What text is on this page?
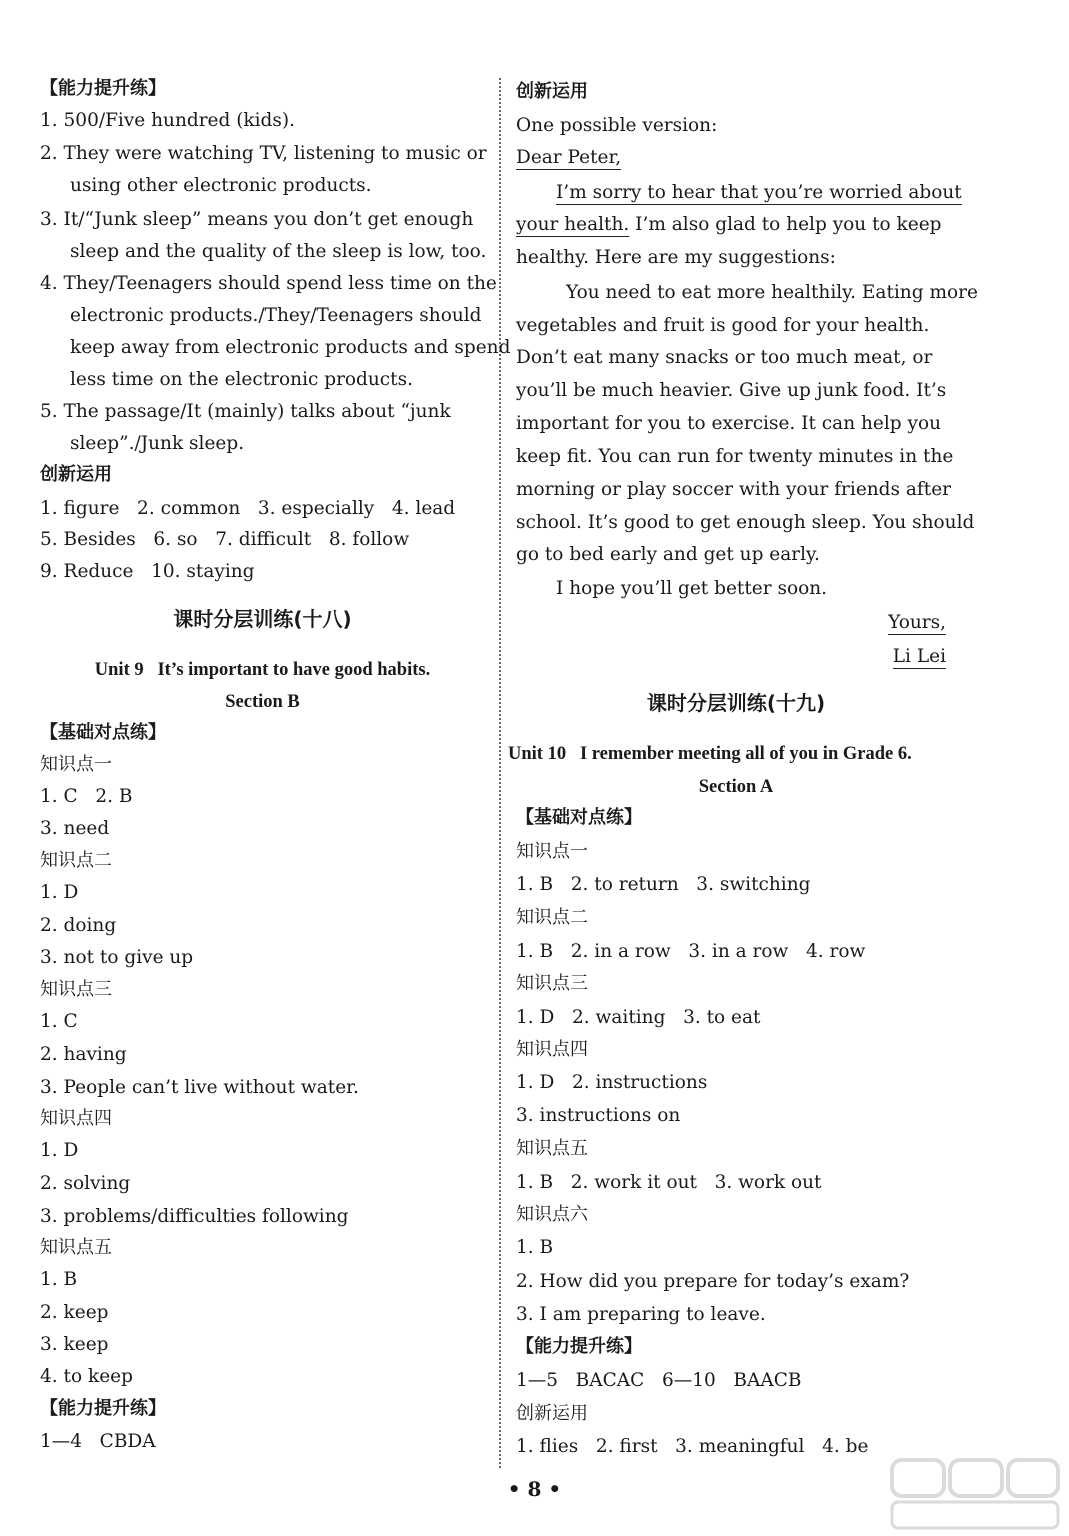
【能力提升练】
1. 500/Five hundred (kids).
2. They were watching TV, listening to music or
using other electronic products.
3. It/“Junk sleep” means you don’t get enough
sleep and the quality of the sleep is low, too.
4. They/Teenagers should spend less time on the
electronic products./They/Teenagers should
keep away from electronic products and spend
less time on the electronic products.
5. The passage/It (mainly) talks about “junk
sleep”./Junk sleep.
创新运用
1. figure   2. common   3. especially   4. lead
5. Besides   6. so   7. difficult   8. follow
9. Reduce   10. staying
课时分层训练(十八)
Unit 9   It’s important to have good habits.
Section B
【基础对点练】
知识点一
1. C   2. B
3. need
知识点二
1. D
2. doing
3. not to give up
知识点三
1. C
2. having
3. People can’t live without water.
知识点四
1. D
2. solving
3. problems/difficulties following
知识点五
1. B
2. keep
3. keep
4. to keep
【能力提升练】
1—4   CBDA
创新运用
One possible version:
Dear Peter,
I’m sorry to hear that you’re worried about
your health. I’m also glad to help you to keep
healthy. Here are my suggestions:
You need to eat more healthily. Eating more
vegetables and fruit is good for your health.
Don’t eat many snacks or too much meat, or
you’ll be much heavier. Give up junk food. It’s
important for you to exercise. It can help you
keep fit. You can run for twenty minutes in the
morning or play soccer with your friends after
school. It’s good to get enough sleep. You should
go to bed early and get up early.
I hope you’ll get better soon.
Yours,
Li Lei
课时分层训练(十九)
Unit 10   I remember meeting all of you in Grade 6.
Section A
【基础对点练】
知识点一
1. B   2. to return   3. switching
知识点二
1. B   2. in a row   3. in a row   4. row
知识点三
1. D   2. waiting   3. to eat
知识点四
1. D   2. instructions
3. instructions on
知识点五
1. B   2. work it out   3. work out
知识点六
1. B
2. How did you prepare for today’s exam?
3. I am preparing to leave.
【能力提升练】
1—5   BACAC   6—10   BAACB
创新运用
1. flies   2. first   3. meaningful   4. be
• 8 •
